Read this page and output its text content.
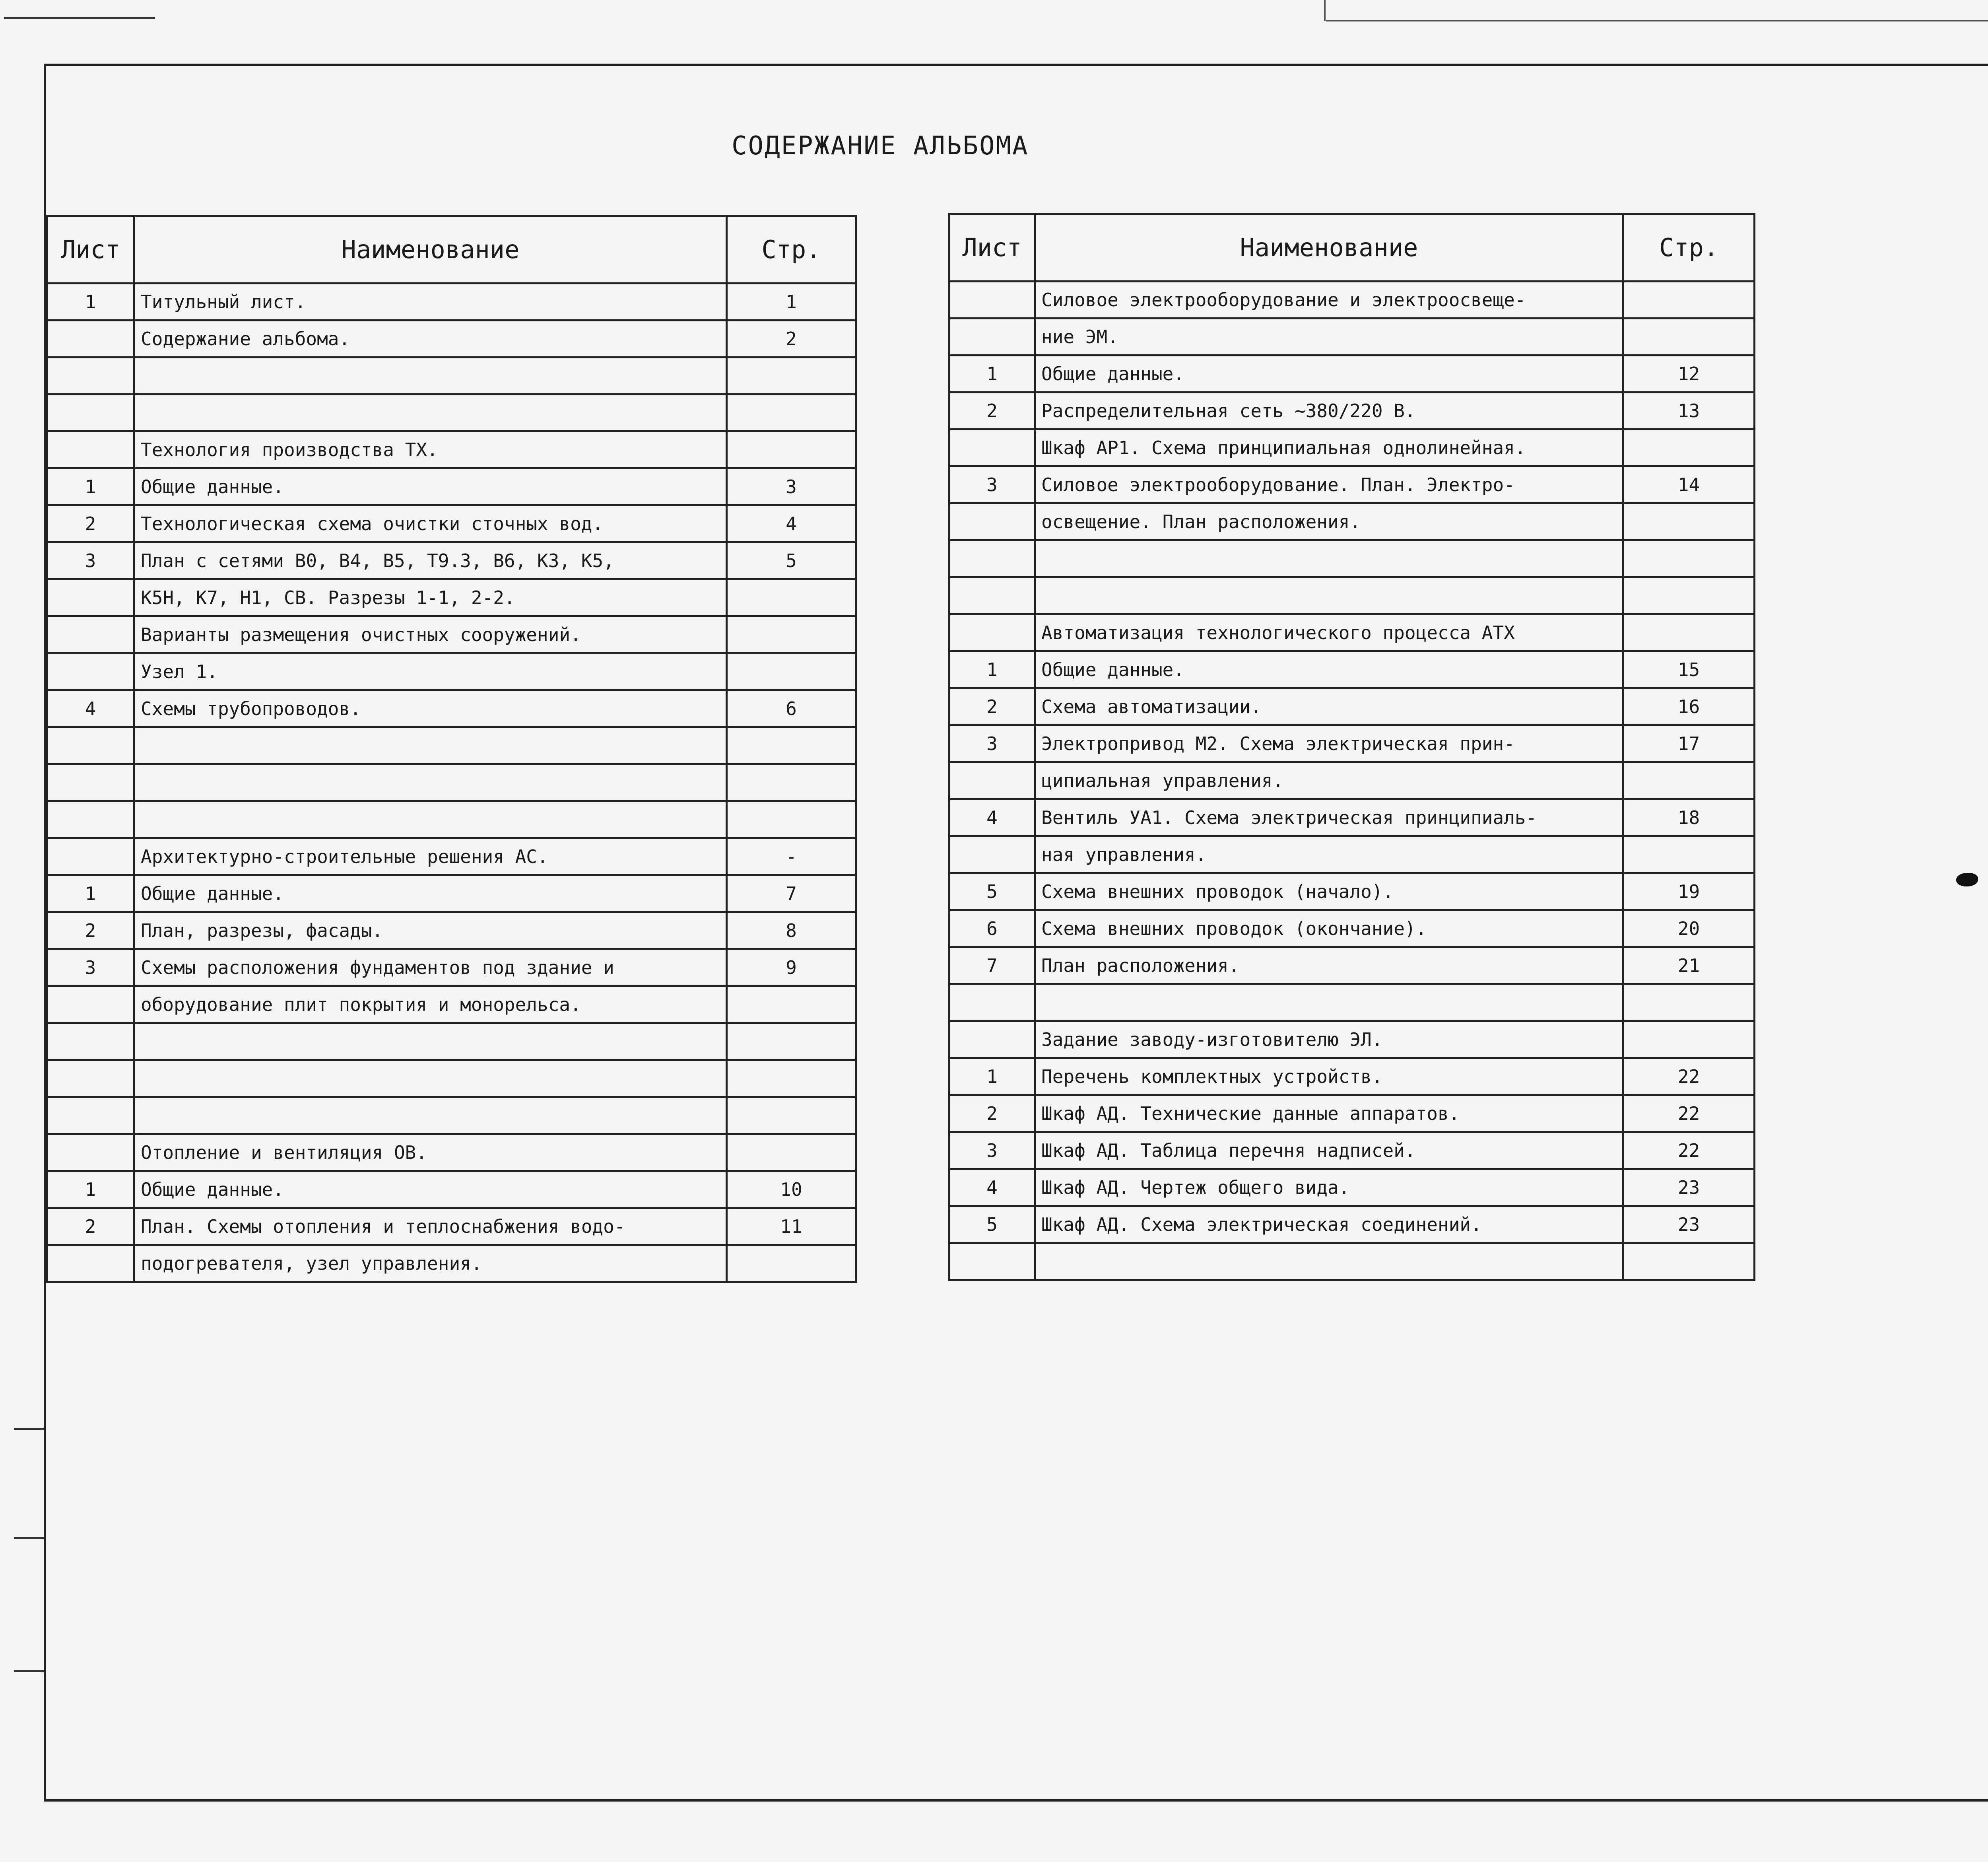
СОДЕРЖАНИЕ АЛЬБОМА
Лист	Наименование	Стр.
1	Титульный лист.	1
	Содержание альбома.	2

	Технология производства ТХ.	
1	Общие данные.	3
2	Технологическая схема очистки сточных вод.	4
3	План с сетями В0, В4, В5, Т9.3, В6, К3, К5,	5
	К5Н, К7, Н1, СВ. Разрезы 1-1, 2-2.	
	Варианты размещения очистных сооружений.	
	Узел 1.	
4	Схемы трубопроводов.	6

	Архитектурно-строительные решения АС.	-
1	Общие данные.	7
2	План, разрезы, фасады.	8
3	Схемы расположения фундаментов под здание и	9
	оборудование плит покрытия и монорельса.	

	Отопление и вентиляция ОВ.	
1	Общие данные.	10
2	План. Схемы отопления и теплоснабжения водо-	11
	подогревателя, узел управления.	
Лист	Наименование	Стр.
	Силовое электрооборудование и электроосвеще-	
	ние ЭМ.	
1	Общие данные.	12
2	Распределительная сеть ~380/220 В.	13
	Шкаф АР1. Схема принципиальная однолинейная.	
3	Силовое электрооборудование. План. Электро-	14
	освещение. План расположения.	

	Автоматизация технологического процесса АТХ	
1	Общие данные.	15
2	Схема автоматизации.	16
3	Электропривод М2. Схема электрическая прин-	17
	ципиальная управления.	
4	Вентиль УА1. Схема электрическая принципиаль-	18
	ная управления.	
5	Схема внешних проводок (начало).	19
6	Схема внешних проводок (окончание).	20
7	План расположения.	21

	Задание заводу-изготовителю ЭЛ.	
1	Перечень комплектных устройств.	22
2	Шкаф АД. Технические данные аппаратов.	22
3	Шкаф АД. Таблица перечня надписей.	22
4	Шкаф АД. Чертеж общего вида.	23
5	Шкаф АД. Схема электрическая соединений.	23
